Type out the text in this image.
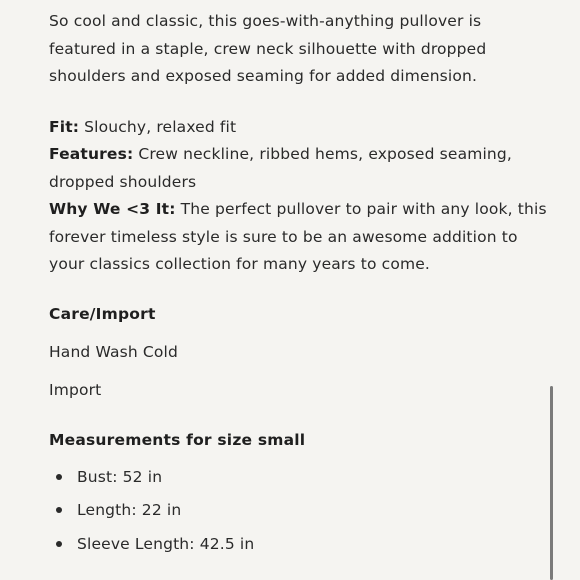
So cool and classic, this goes-with-anything pullover is
featured in a staple, crew neck silhouette with dropped
shoulders and exposed seaming for added dimension.

Fit: Slouchy, relaxed fit

Features: Crew neckline, ribbed hems, exposed seaming,
dropped shoulders

Why We <3 It: The perfect pullover to pair with any look, this
forever timeless style is sure to be an awesome addition to
your classics collection for many years to come.

Care/Import

Hand Wash Cold

Import

Measurements for size small

Bust: 52 in
Length: 22 in
Sleeve Length: 42.5 in
